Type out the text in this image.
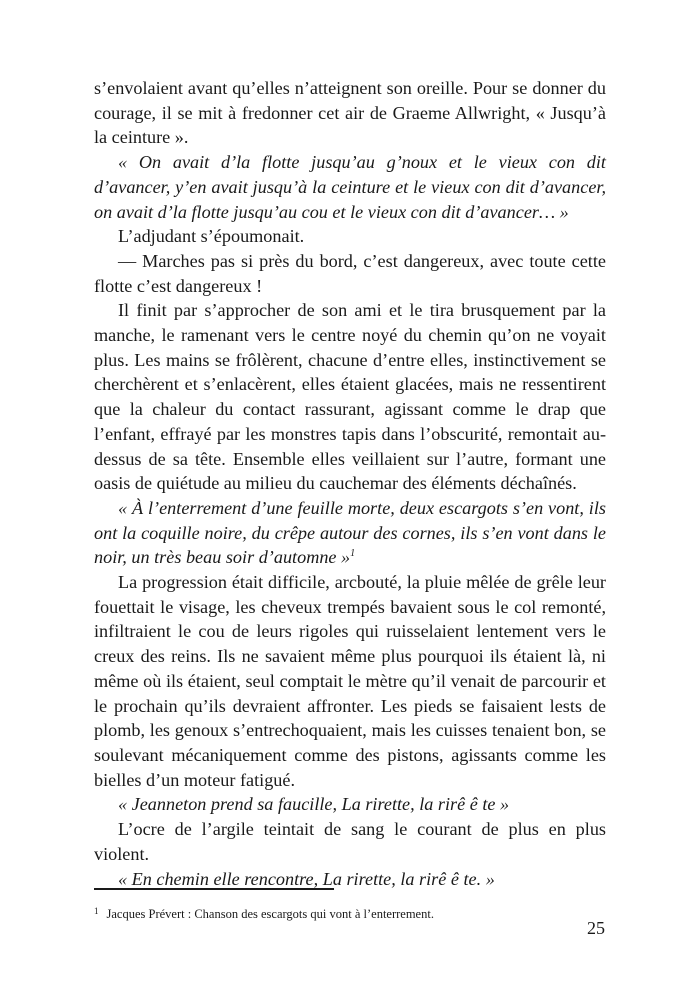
s’envolaient avant qu’elles n’atteignent son oreille. Pour se donner du courage, il se mit à fredonner cet air de Graeme Allwright, « Jusqu’à la ceinture ».

« On avait d’la flotte jusqu’au g’noux et le vieux con dit d’avancer, y’en avait jusqu’à la ceinture et le vieux con dit d’avancer, on avait d’la flotte jusqu’au cou et le vieux con dit d’avancer… »

L’adjudant s’époumonait.

— Marches pas si près du bord, c’est dangereux, avec toute cette flotte c’est dangereux !

Il finit par s’approcher de son ami et le tira brusquement par la manche, le ramenant vers le centre noyé du chemin qu’on ne voyait plus. Les mains se frôlèrent, chacune d’entre elles, instinctivement se cherchèrent et s’enlacèrent, elles étaient glacées, mais ne ressentirent que la chaleur du contact rassurant, agissant comme le drap que l’enfant, effrayé par les monstres tapis dans l’obscurité, remontait au-dessus de sa tête. Ensemble elles veillaient sur l’autre, formant une oasis de quiétude au milieu du cauchemar des éléments déchaînés.

« À l’enterrement d’une feuille morte, deux escargots s’en vont, ils ont la coquille noire, du crêpe autour des cornes, ils s’en vont dans le noir, un très beau soir d’automne »$^1$

La progression était difficile, arcbouté, la pluie mêlée de grêle leur fouettait le visage, les cheveux trempés bavaient sous le col remonté, infiltraient le cou de leurs rigoles qui ruisselaient lentement vers le creux des reins. Ils ne savaient même plus pourquoi ils étaient là, ni même où ils étaient, seul comptait le mètre qu’il venait de parcourir et le prochain qu’ils devraient affronter. Les pieds se faisaient lests de plomb, les genoux s’entrechoquaient, mais les cuisses tenaient bon, se soulevant mécaniquement comme des pistons, agissants comme les bielles d’un moteur fatigué.

« Jeanneton prend sa faucille, La rirette, la rirê ê te »

L’ocre de l’argile teintait de sang le courant de plus en plus violent.

« En chemin elle rencontre, La rirette, la rirê ê te. »

$^1$ Jacques Prévert : Chanson des escargots qui vont à l’enterrement.
25
